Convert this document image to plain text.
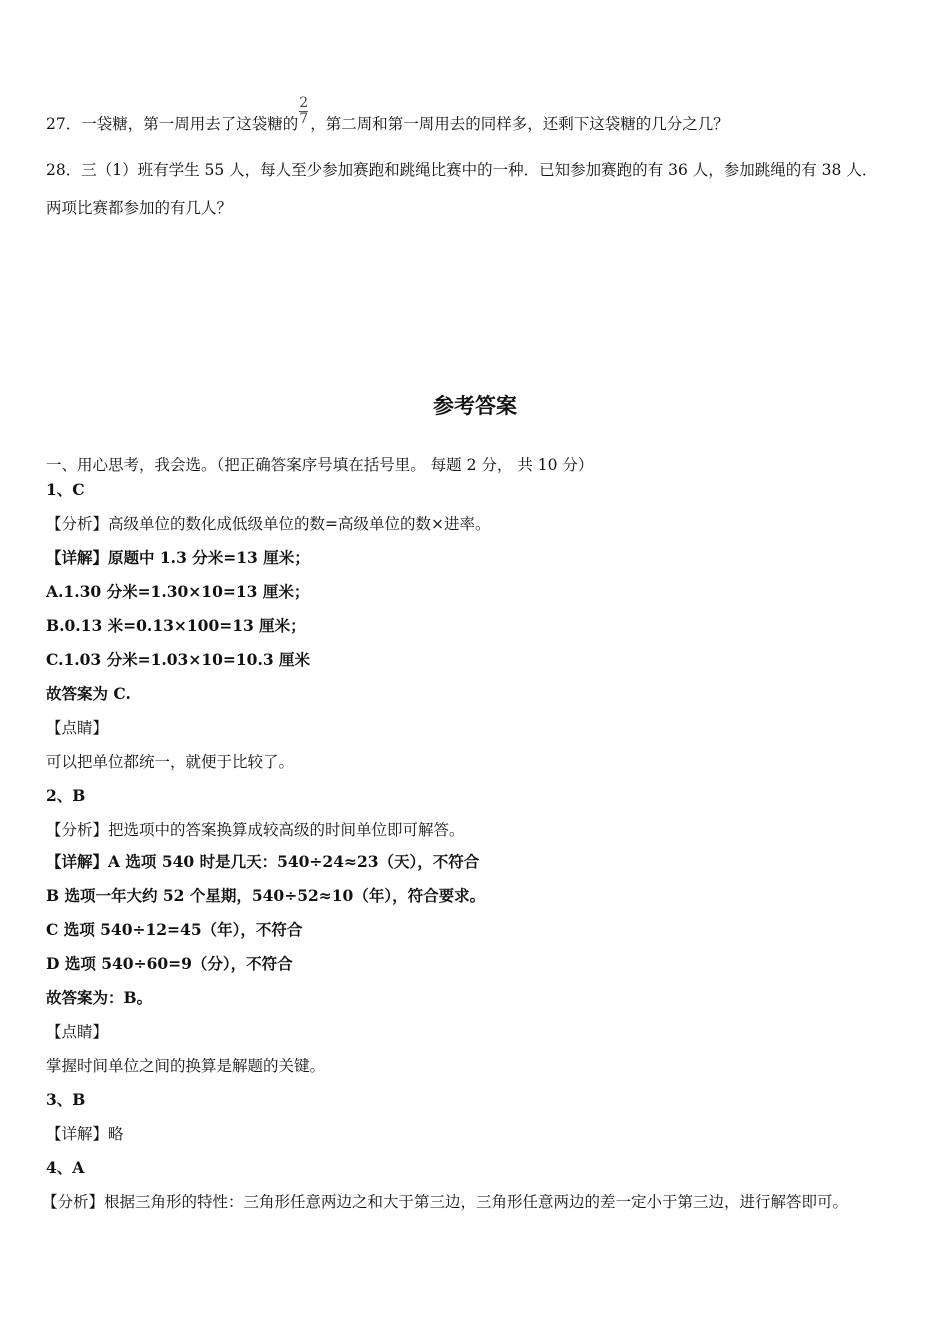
27．一袋糖，第一周用去了这袋糖的 $\frac{2}{7}$ ，第二周和第一周用去的同样多，还剩下这袋糖的几分之几？
28．三（1）班有学生 55 人，每人至少参加赛跑和跳绳比赛中的一种．已知参加赛跑的有 36 人，参加跳绳的有 38 人．
两项比赛都参加的有几人？
参考答案
一、用心思考，我会选。（把正确答案序号填在括号里。 每题 2 分， 共 10 分）
1、C
【分析】高级单位的数化成低级单位的数=高级单位的数×进率。
【详解】原题中 1.3 分米=13 厘米；
A.1.30 分米=1.30×10=13 厘米；
B.0.13 米=0.13×100=13 厘米；
C.1.03 分米=1.03×10=10.3 厘米
故答案为 C.
【点睛】
可以把单位都统一，就便于比较了。
2、B
【分析】把选项中的答案换算成较高级的时间单位即可解答。
【详解】A 选项 540 时是几天：540÷24≈23（天），不符合
B 选项一年大约 52 个星期，540÷52≈10（年），符合要求。
C 选项 540÷12=45（年），不符合
D 选项 540÷60=9（分），不符合
故答案为：B。
【点睛】
掌握时间单位之间的换算是解题的关键。
3、B
【详解】略
4、A
【分析】根据三角形的特性：三角形任意两边之和大于第三边，三角形任意两边的差一定小于第三边，进行解答即可。
